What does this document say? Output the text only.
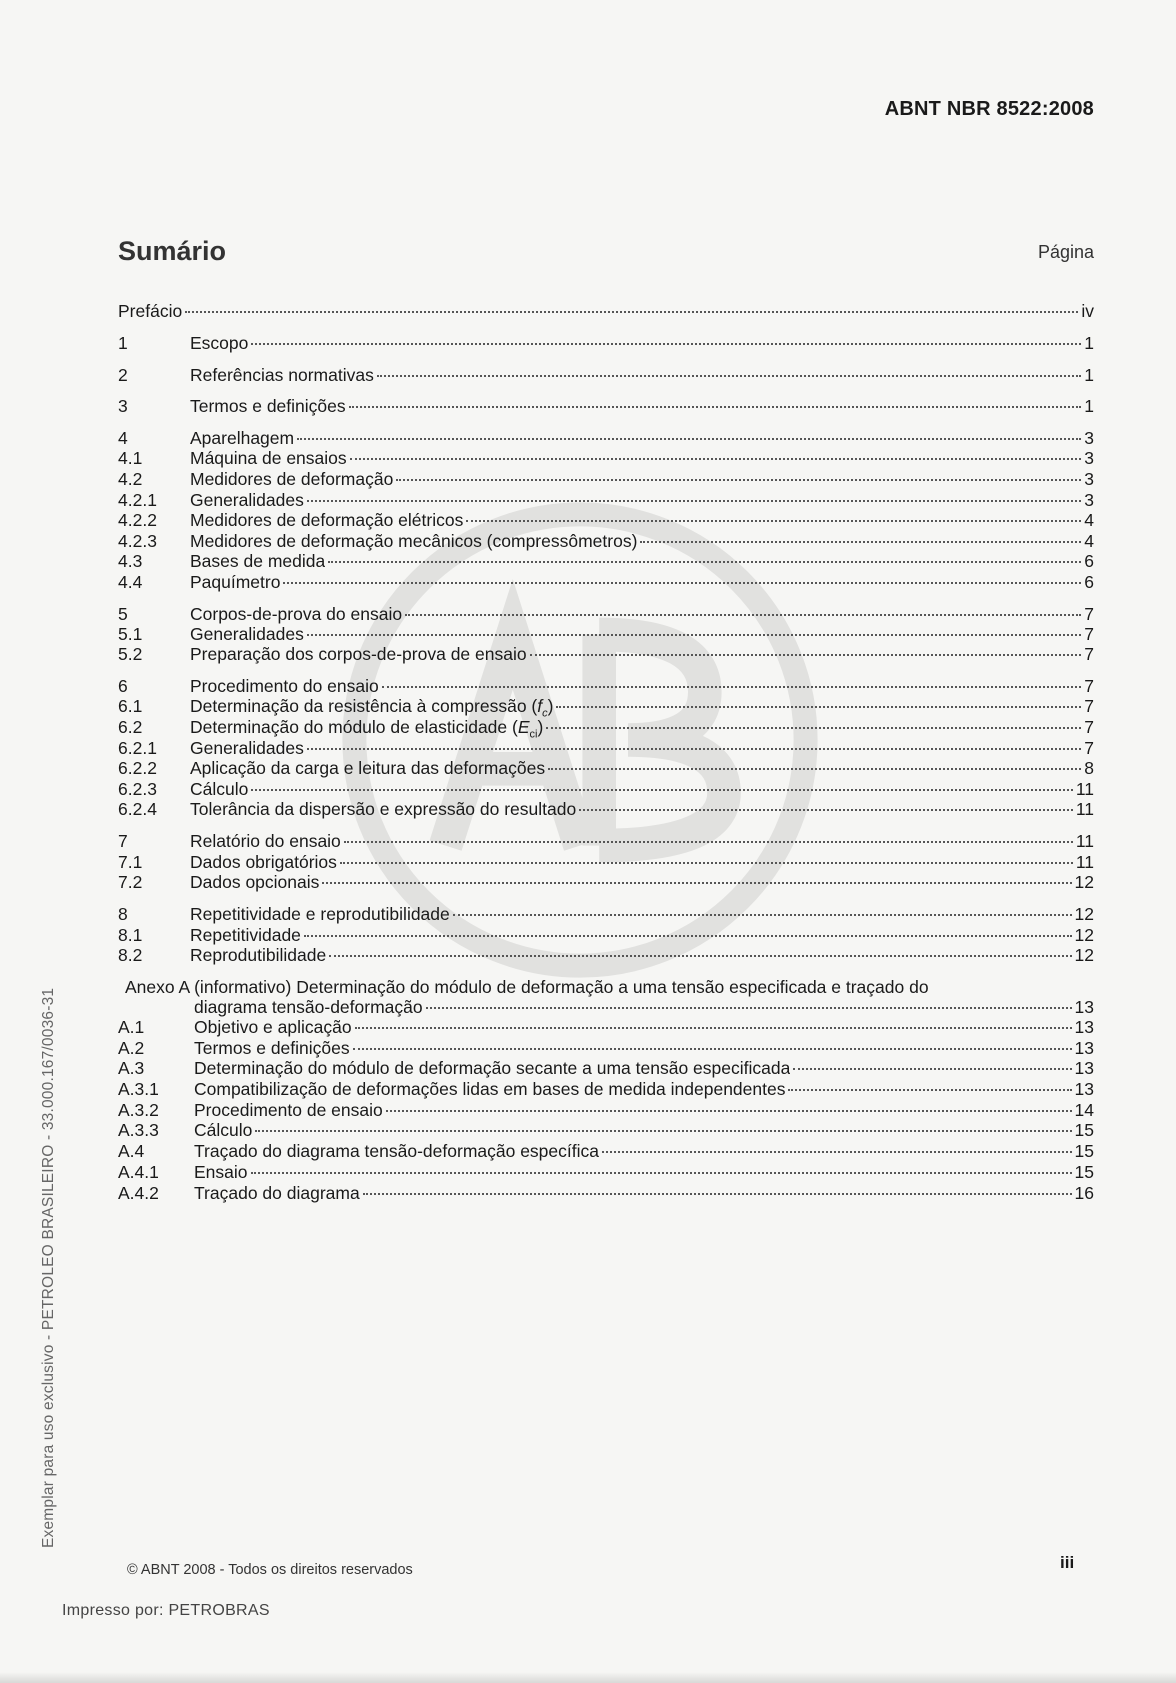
ABNT NBR 8522:2008
Sumário	Página
Prefácio	iv
1	Escopo	1
2	Referências normativas	1
3	Termos e definições	1
4	Aparelhagem	3
4.1	Máquina de ensaios	3
4.2	Medidores de deformação	3
4.2.1	Generalidades	3
4.2.2	Medidores de deformação elétricos	4
4.2.3	Medidores de deformação mecânicos (compressômetros)	4
4.3	Bases de medida	6
4.4	Paquímetro	6
5	Corpos-de-prova do ensaio	7
5.1	Generalidades	7
5.2	Preparação dos corpos-de-prova de ensaio	7
6	Procedimento do ensaio	7
6.1	Determinação da resistência à compressão $(f_c)$	7
6.2	Determinação do módulo de elasticidade $(E_{ci})$	7
6.2.1	Generalidades	7
6.2.2	Aplicação da carga e leitura das deformações	8
6.2.3	Cálculo	11
6.2.4	Tolerância da dispersão e expressão do resultado	11
7	Relatório do ensaio	11
7.1	Dados obrigatórios	11
7.2	Dados opcionais	12
8	Repetitividade e reprodutibilidade	12
8.1	Repetitividade	12
8.2	Reprodutibilidade	12
Anexo A (informativo) Determinação do módulo de deformação a uma tensão especificada e traçado do
diagrama tensão-deformação	13
A.1	Objetivo e aplicação	13
A.2	Termos e definições	13
A.3	Determinação do módulo de deformação secante a uma tensão especificada	13
A.3.1	Compatibilização de deformações lidas em bases de medida independentes	13
A.3.2	Procedimento de ensaio	14
A.3.3	Cálculo	15
A.4	Traçado do diagrama tensão-deformação específica	15
A.4.1	Ensaio	15
A.4.2	Traçado do diagrama	16
Exemplar para uso exclusivo - PETROLEO BRASILEIRO - 33.000.167/0036-31
© ABNT 2008 - Todos os direitos reservados	iii
Impresso por: PETROBRAS
